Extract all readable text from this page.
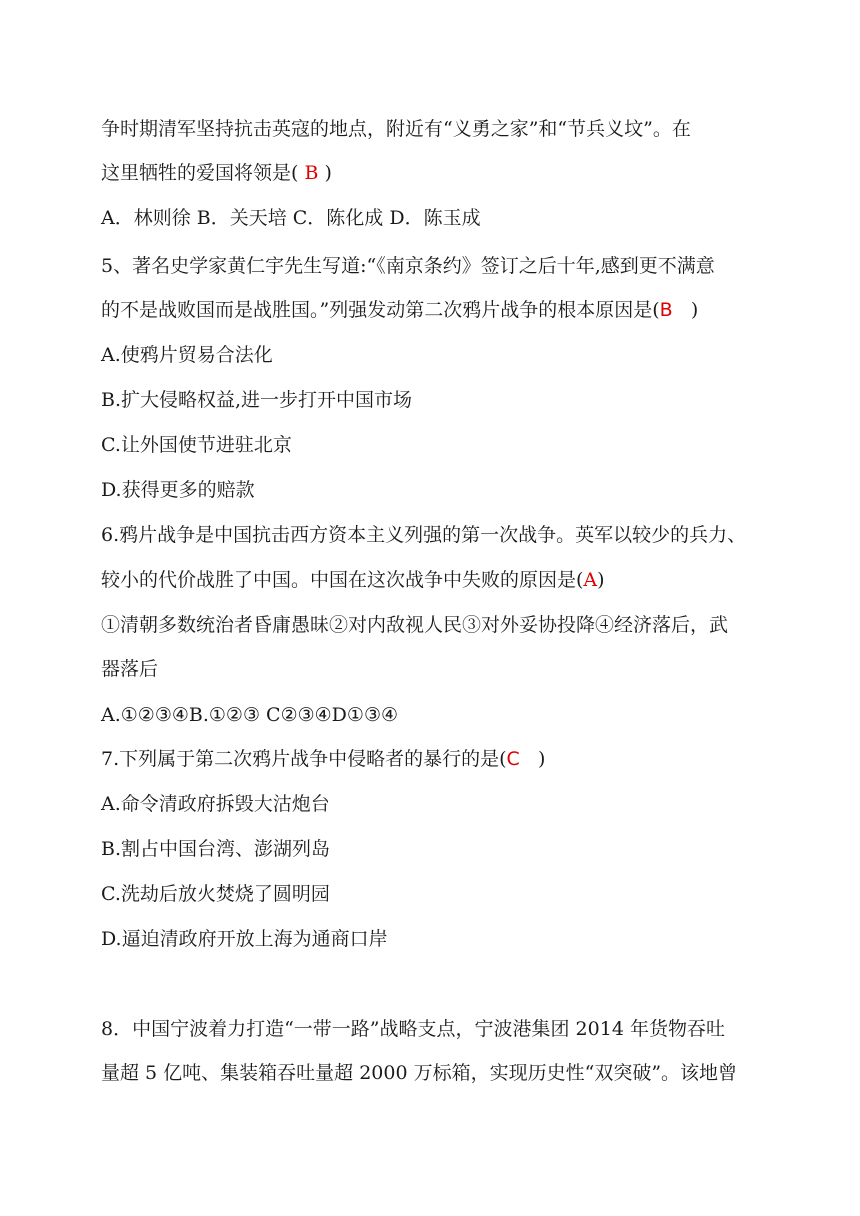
争时期清军坚持抗击英寇的地点，附近有“义勇之家”和“节兵义坟”。在
这里牺牲的爱国将领是( B )
A．林则徐 B．关天培 C．陈化成 D．陈玉成
5、著名史学家黄仁宇先生写道:“《南京条约》签订之后十年,感到更不满意
的不是战败国而是战胜国。”列强发动第二次鸦片战争的根本原因是(B )
A.使鸦片贸易合法化
B.扩大侵略权益,进一步打开中国市场
C.让外国使节进驻北京
D.获得更多的赔款
6.鸦片战争是中国抗击西方资本主义列强的第一次战争。英军以较少的兵力、
较小的代价战胜了中国。中国在这次战争中失败的原因是(A)
①清朝多数统治者昏庸愚昧②对内敌视人民③对外妥协投降④经济落后，武
器落后
A.①②③④B.①②③ C②③④D①③④
7.下列属于第二次鸦片战争中侵略者的暴行的是(C )
A.命令清政府拆毁大沽炮台
B.割占中国台湾、澎湖列岛
C.洗劫后放火焚烧了圆明园
D.逼迫清政府开放上海为通商口岸
8．中国宁波着力打造“一带一路”战略支点，宁波港集团 2014 年货物吞吐
量超 5 亿吨、集装箱吞吐量超 2000 万标箱，实现历史性“双突破”。该地曾
